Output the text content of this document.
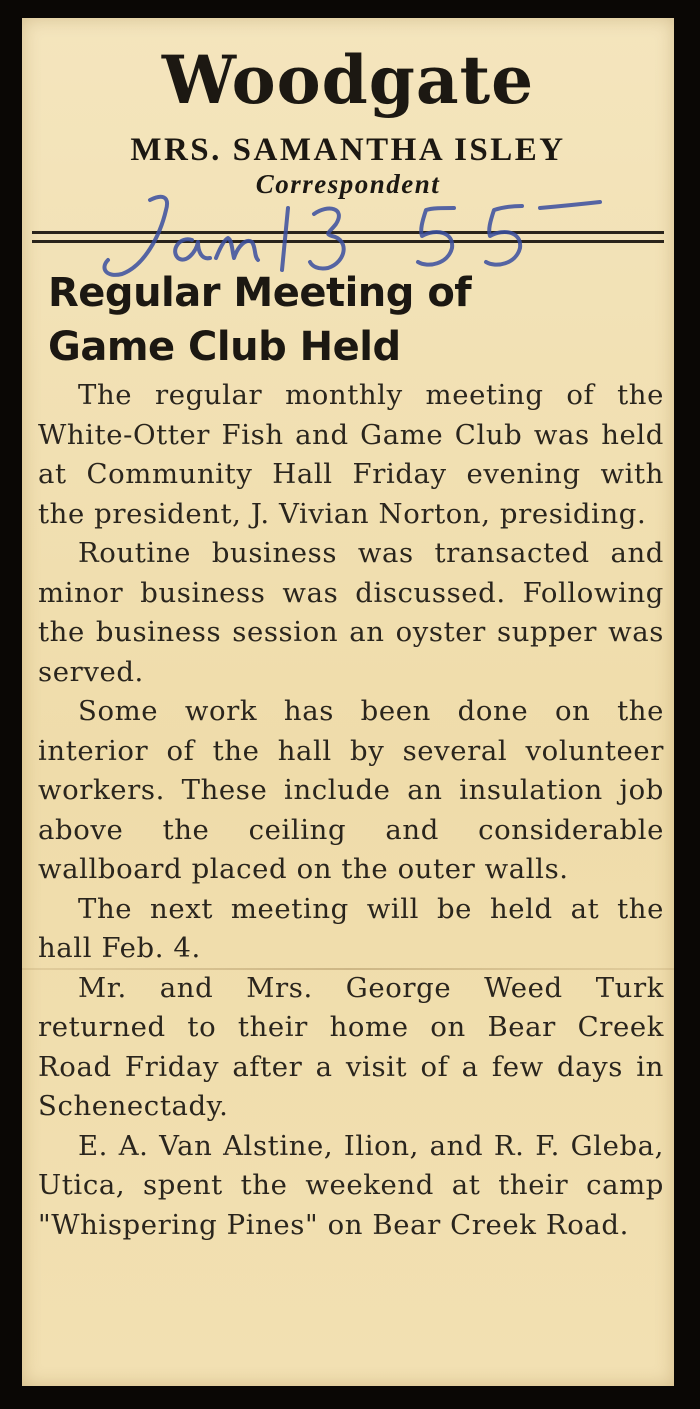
Woodgate
MRS. SAMANTHA ISLEY
Correspondent
Regular Meeting of
Game Club Held

The regular monthly meeting of the White-Otter Fish and Game Club was held at Community Hall Friday evening with the president, J. Vivian Norton, presiding.

Routine business was transacted and minor business was discussed. Following the business session an oyster supper was served.

Some work has been done on the interior of the hall by several volunteer workers. These include an insulation job above the ceiling and considerable wallboard placed on the outer walls.

The next meeting will be held at the hall Feb. 4.

Mr. and Mrs. George Weed Turk returned to their home on Bear Creek Road Friday after a visit of a few days in Schenectady.

E. A. Van Alstine, Ilion, and R. F. Gleba, Utica, spent the weekend at their camp "Whispering Pines" on Bear Creek Road.
